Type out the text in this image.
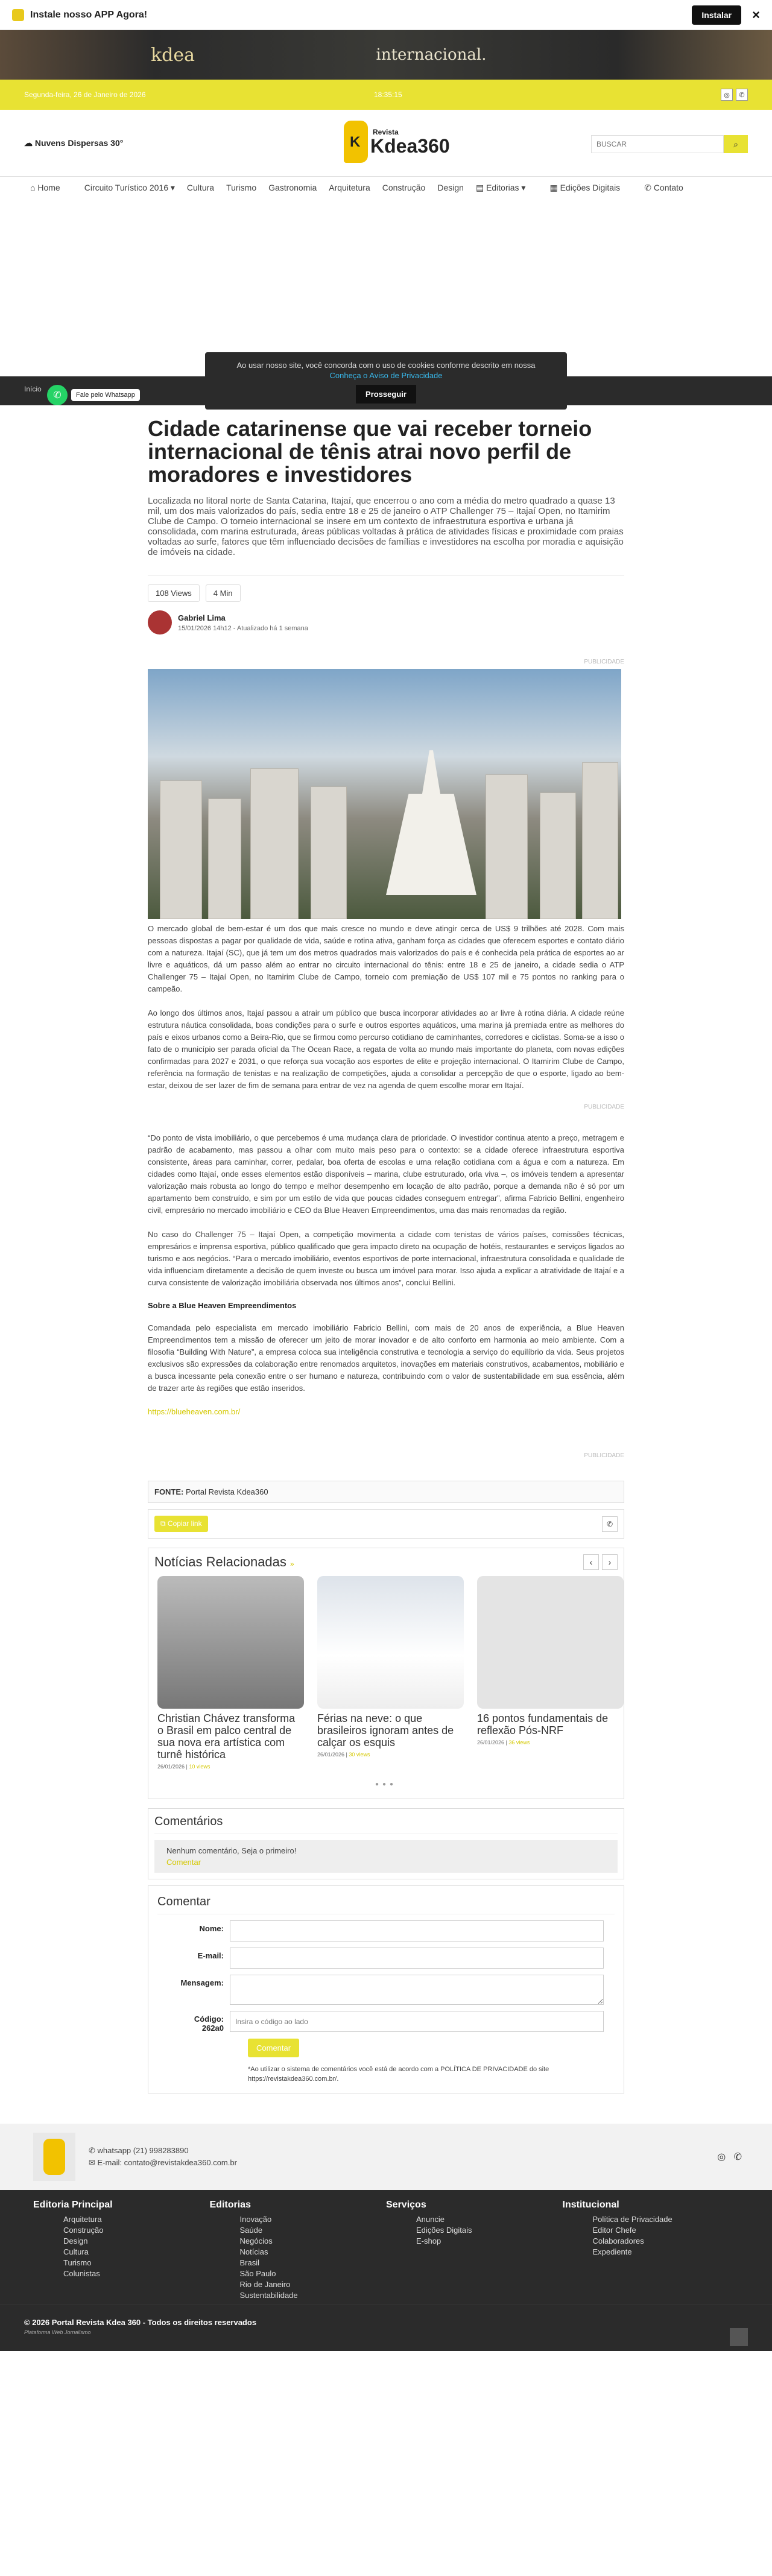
Instale nosso APP Agora!	Instalar	×
kdea	internacional.
Segunda-feira, 26 de Janeiro de 2026	18:35:15	◎	✆
☁ Nuvens Dispersas 30°
K
Revista
Kdea360
BUSCAR	⌕
⌂ Home	Circuito Turístico 2016 ▾ Cultura Turismo Gastronomia Arquitetura Construção Design ▤ Editorias ▾	▦ Edições Digitais	✆ Contato
Ao usar nosso site, você concorda com o uso de cookies conforme descrito em nossa
Conheça o Aviso de Privacidade
Prosseguir
Início
✆	Fale pelo Whatsapp
Cidade catarinense que vai receber torneio internacional de tênis atrai novo perfil de moradores e investidores

Localizada no litoral norte de Santa Catarina, Itajaí, que encerrou o ano com a média do metro quadrado a quase 13 mil, um dos mais valorizados do país, sedia entre 18 e 25 de janeiro o ATP Challenger 75 – Itajaí Open, no Itamirim Clube de Campo. O torneio internacional se insere em um contexto de infraestrutura esportiva e urbana já consolidada, com marina estruturada, áreas públicas voltadas à prática de atividades físicas e proximidade com praias voltadas ao surfe, fatores que têm influenciado decisões de famílias e investidores na escolha por moradia e aquisição de imóveis na cidade.

108 Views	4 Min
Gabriel Lima
15/01/2026 14h12 - Atualizado há 1 semana
PUBLICIDADE

O mercado global de bem-estar é um dos que mais cresce no mundo e deve atingir cerca de US$ 9 trilhões até 2028. Com mais pessoas dispostas a pagar por qualidade de vida, saúde e rotina ativa, ganham força as cidades que oferecem esportes e contato diário com a natureza. Itajaí (SC), que já tem um dos metros quadrados mais valorizados do país e é conhecida pela prática de esportes ao ar livre e aquáticos, dá um passo além ao entrar no circuito internacional do tênis: entre 18 e 25 de janeiro, a cidade sedia o ATP Challenger 75 – Itajaí Open, no Itamirim Clube de Campo, torneio com premiação de US$ 107 mil e 75 pontos no ranking para o campeão.

Ao longo dos últimos anos, Itajaí passou a atrair um público que busca incorporar atividades ao ar livre à rotina diária. A cidade reúne estrutura náutica consolidada, boas condições para o surfe e outros esportes aquáticos, uma marina já premiada entre as melhores do país e eixos urbanos como a Beira-Rio, que se firmou como percurso cotidiano de caminhantes, corredores e ciclistas. Soma-se a isso o fato de o município ser parada oficial da The Ocean Race, a regata de volta ao mundo mais importante do planeta, com novas edições confirmadas para 2027 e 2031, o que reforça sua vocação aos esportes de elite e projeção internacional. O Itamirim Clube de Campo, referência na formação de tenistas e na realização de competições, ajuda a consolidar a percepção de que o esporte, ligado ao bem-estar, deixou de ser lazer de fim de semana para entrar de vez na agenda de quem escolhe morar em Itajaí.

PUBLICIDADE

“Do ponto de vista imobiliário, o que percebemos é uma mudança clara de prioridade. O investidor continua atento a preço, metragem e padrão de acabamento, mas passou a olhar com muito mais peso para o contexto: se a cidade oferece infraestrutura esportiva consistente, áreas para caminhar, correr, pedalar, boa oferta de escolas e uma relação cotidiana com a água e com a natureza. Em cidades como Itajaí, onde esses elementos estão disponíveis – marina, clube estruturado, orla viva –, os imóveis tendem a apresentar valorização mais robusta ao longo do tempo e melhor desempenho em locação de alto padrão, porque a demanda não é só por um apartamento bem construído, e sim por um estilo de vida que poucas cidades conseguem entregar”, afirma Fabricio Bellini, engenheiro civil, empresário no mercado imobiliário e CEO da Blue Heaven Empreendimentos, uma das mais renomadas da região.

No caso do Challenger 75 – Itajaí Open, a competição movimenta a cidade com tenistas de vários países, comissões técnicas, empresários e imprensa esportiva, público qualificado que gera impacto direto na ocupação de hotéis, restaurantes e serviços ligados ao turismo e aos negócios. “Para o mercado imobiliário, eventos esportivos de porte internacional, infraestrutura consolidada e qualidade de vida influenciam diretamente a decisão de quem investe ou busca um imóvel para morar. Isso ajuda a explicar a atratividade de Itajaí e a curva consistente de valorização imobiliária observada nos últimos anos”, conclui Bellini.

Sobre a Blue Heaven Empreendimentos

Comandada pelo especialista em mercado imobiliário Fabricio Bellini, com mais de 20 anos de experiência, a Blue Heaven Empreendimentos tem a missão de oferecer um jeito de morar inovador e de alto conforto em harmonia ao meio ambiente. Com a filosofia “Building With Nature”, a empresa coloca sua inteligência construtiva e tecnologia a serviço do equilíbrio da vida. Seus projetos exclusivos são expressões da colaboração entre renomados arquitetos, inovações em materiais construtivos, acabamentos, mobiliário e a busca incessante pela conexão entre o ser humano e natureza, contribuindo com o valor de sustentabilidade em sua essência, além de trazer arte às regiões que estão inseridos.

https://blueheaven.com.br/
PUBLICIDADE
FONTE: Portal Revista Kdea360
⧉ Copiar link	✆
Notícias Relacionadas »	‹ ›
Christian Chávez transforma o Brasil em palco central de sua nova era artística com turnê histórica
26/01/2026 | 10 views
Férias na neve: o que brasileiros ignoram antes de calçar os esquis
26/01/2026 | 30 views
16 pontos fundamentais de reflexão Pós-NRF
26/01/2026 | 36 views
●●●
Comentários
Nenhum comentário, Seja o primeiro!
Comentar
Comentar
Nome:
E-mail:
Mensagem:
Código:
262a0
Insira o código ao lado
Comentar

*Ao utilizar o sistema de comentários você está de acordo com a POLÍTICA DE PRIVACIDADE do site https://revistakdea360.com.br/.

✆ whatsapp (21) 998283890
✉ E-mail: contato@revistakdea360.com.br
◎ ✆
Editoria Principal
Arquitetura
Construção
Design
Cultura
Turismo
Colunistas
Editorias
Inovação
Saúde
Negócios
Notícias
Brasil
São Paulo
Rio de Janeiro
Sustentabilidade
Serviços
Anuncie
Edições Digitais
E-shop
Institucional
Política de Privacidade
Editor Chefe
Colaboradores
Expediente
© 2026 Portal Revista Kdea 360 - Todos os direitos reservados
Plataforma Web Jornalismo
